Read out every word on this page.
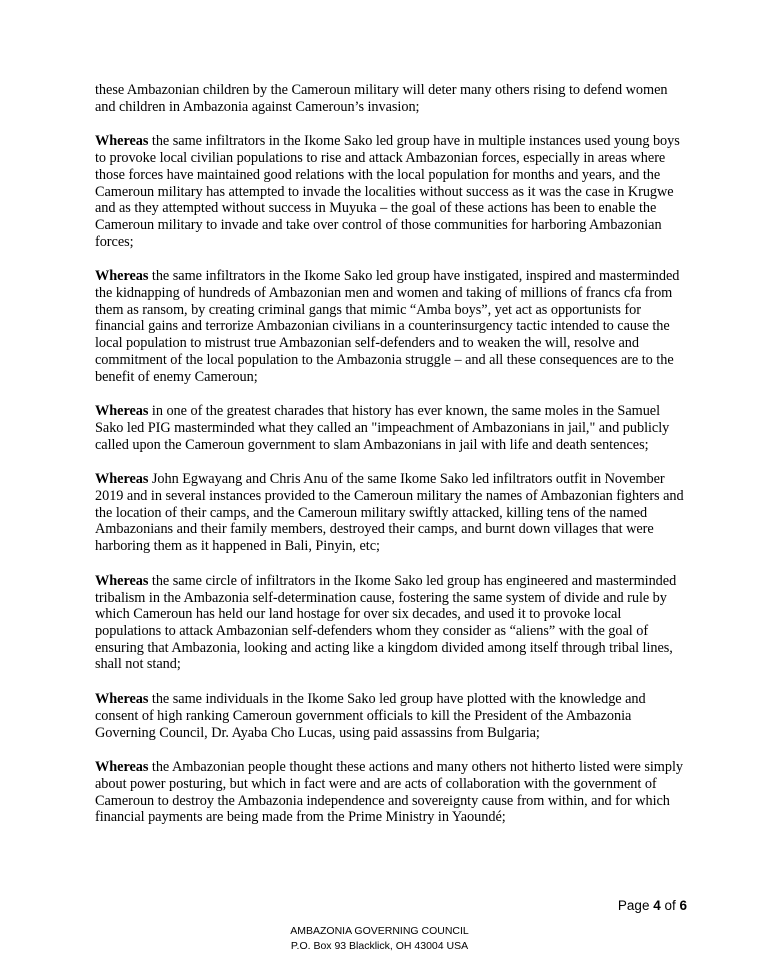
these Ambazonian children by the Cameroun military will deter many others rising to defend women and children in Ambazonia against Cameroun’s invasion;

Whereas the same infiltrators in the Ikome Sako led group have in multiple instances used young boys to provoke local civilian populations to rise and attack Ambazonian forces, especially in areas where those forces have maintained good relations with the local population for months and years, and the Cameroun military has attempted to invade the localities without success as it was the case in Krugwe and as they attempted without success in Muyuka – the goal of these actions has been to enable the Cameroun military to invade and take over control of those communities for harboring Ambazonian forces;

Whereas the same infiltrators in the Ikome Sako led group have instigated, inspired and masterminded the kidnapping of hundreds of Ambazonian men and women and taking of millions of francs cfa from them as ransom, by creating criminal gangs that mimic “Amba boys”, yet act as opportunists for financial gains and terrorize Ambazonian civilians in a counterinsurgency tactic intended to cause the local population to mistrust true Ambazonian self-defenders and to weaken the will, resolve and commitment of the local population to the Ambazonia struggle – and all these consequences are to the benefit of enemy Cameroun;

Whereas in one of the greatest charades that history has ever known, the same moles in the Samuel Sako led PIG masterminded what they called an "impeachment of Ambazonians in jail," and publicly called upon the Cameroun government to slam Ambazonians in jail with life and death sentences;

Whereas John Egwayang and Chris Anu of the same Ikome Sako led infiltrators outfit in November 2019 and in several instances provided to the Cameroun military the names of Ambazonian fighters and the location of their camps, and the Cameroun military swiftly attacked, killing tens of the named Ambazonians and their family members, destroyed their camps, and burnt down villages that were harboring them as it happened in Bali, Pinyin, etc;

Whereas the same circle of infiltrators in the Ikome Sako led group has engineered and masterminded tribalism in the Ambazonia self-determination cause, fostering the same system of divide and rule by which Cameroun has held our land hostage for over six decades, and used it to provoke local populations to attack Ambazonian self-defenders whom they consider as “aliens” with the goal of ensuring that Ambazonia, looking and acting like a kingdom divided among itself through tribal lines, shall not stand;

Whereas the same individuals in the Ikome Sako led group have plotted with the knowledge and consent of high ranking Cameroun government officials to kill the President of the Ambazonia Governing Council, Dr. Ayaba Cho Lucas, using paid assassins from Bulgaria;

Whereas the Ambazonian people thought these actions and many others not hitherto listed were simply about power posturing, but which in fact were and are acts of collaboration with the government of Cameroun to destroy the Ambazonia independence and sovereignty cause from within, and for which financial payments are being made from the Prime Ministry in Yaoundé;

Page 4 of 6
AMBAZONIA GOVERNING COUNCIL
P.O. Box 93 Blacklick, OH 43004 USA
